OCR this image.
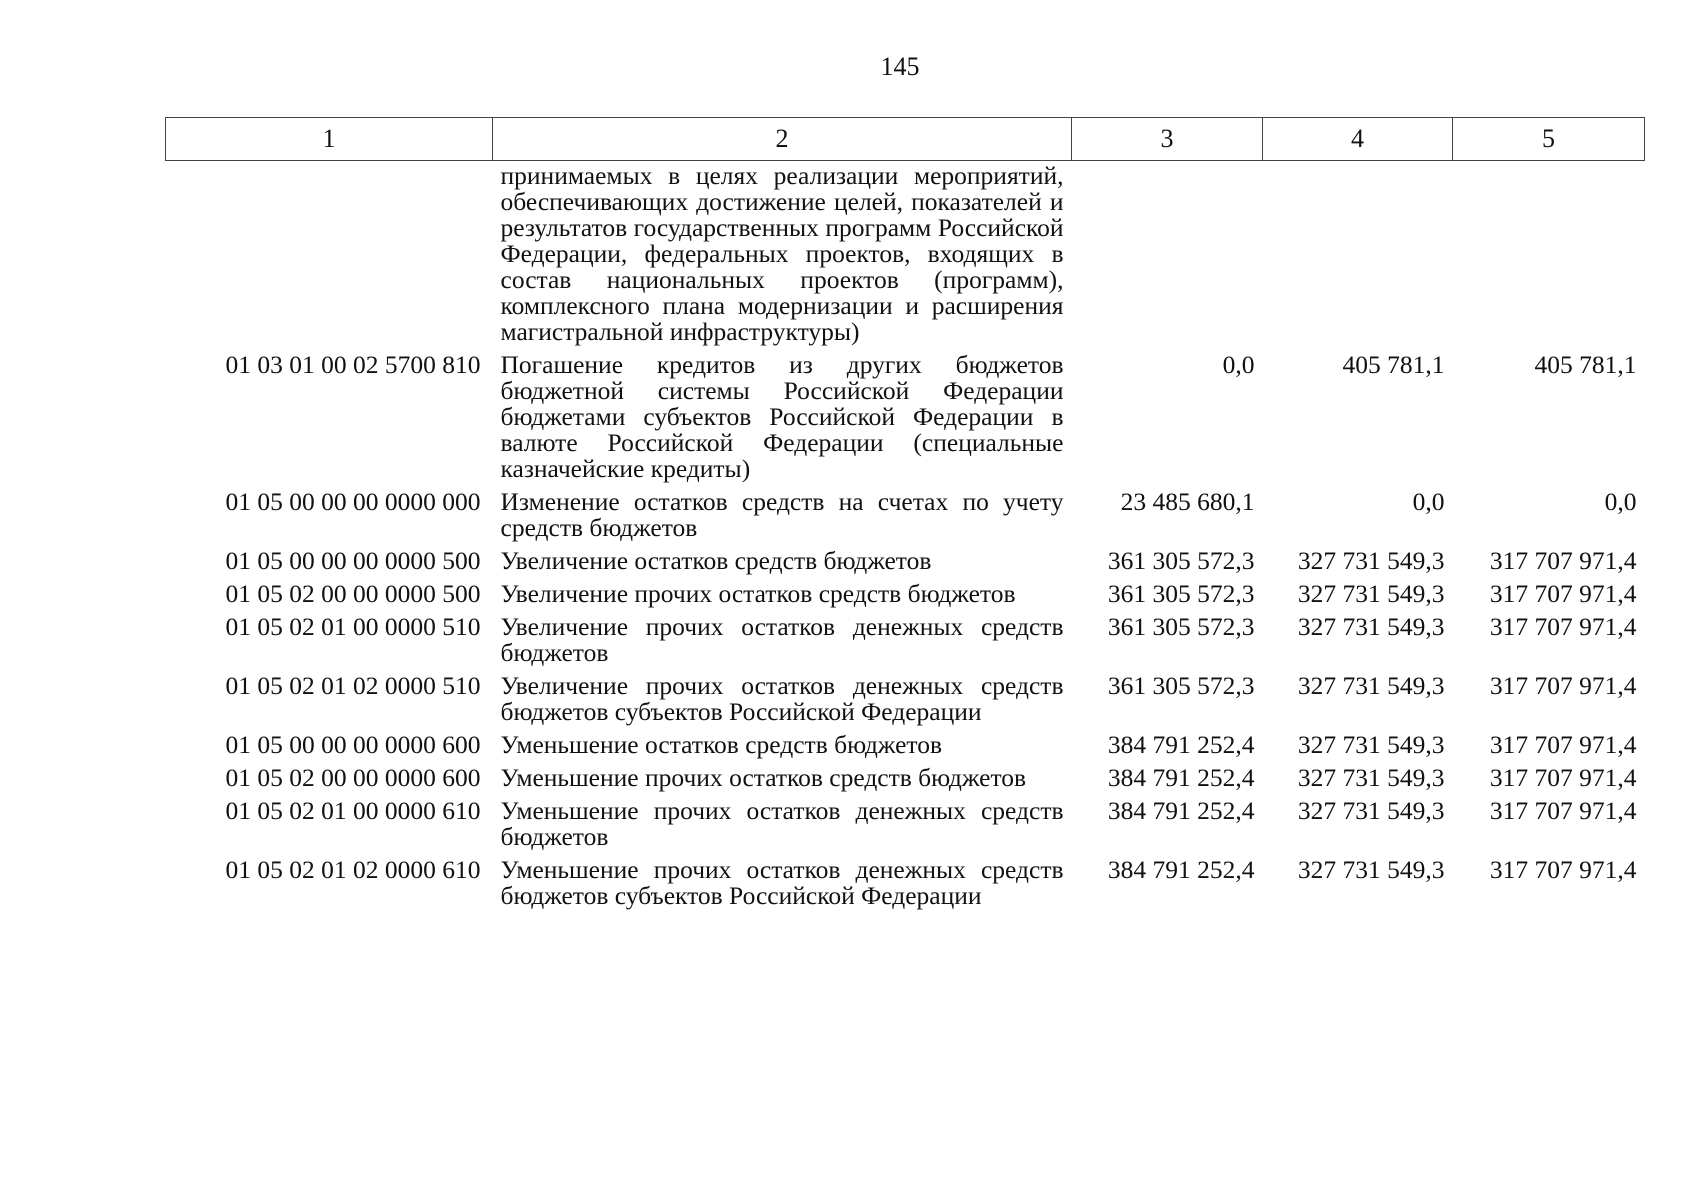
145
1	2	3	4	5
	принимаемых в целях реализации мероприятий, обеспечивающих достижение целей, показателей и результатов государственных программ Российской Федерации, федеральных проектов, входящих в состав национальных проектов (программ), комплексного плана модернизации и расширения магистральной инфраструктуры)			
01 03 01 00 02 5700 810	Погашение кредитов из других бюджетов бюджетной системы Российской Федерации бюджетами субъектов Российской Федерации в валюте Российской Федерации (специальные казначейские кредиты)	0,0	405 781,1	405 781,1
01 05 00 00 00 0000 000	Изменение остатков средств на счетах по учету средств бюджетов	23 485 680,1	0,0	0,0
01 05 00 00 00 0000 500	Увеличение остатков средств бюджетов	361 305 572,3	327 731 549,3	317 707 971,4
01 05 02 00 00 0000 500	Увеличение прочих остатков средств бюджетов	361 305 572,3	327 731 549,3	317 707 971,4
01 05 02 01 00 0000 510	Увеличение прочих остатков денежных средств бюджетов	361 305 572,3	327 731 549,3	317 707 971,4
01 05 02 01 02 0000 510	Увеличение прочих остатков денежных средств бюджетов субъектов Российской Федерации	361 305 572,3	327 731 549,3	317 707 971,4
01 05 00 00 00 0000 600	Уменьшение остатков средств бюджетов	384 791 252,4	327 731 549,3	317 707 971,4
01 05 02 00 00 0000 600	Уменьшение прочих остатков средств бюджетов	384 791 252,4	327 731 549,3	317 707 971,4
01 05 02 01 00 0000 610	Уменьшение прочих остатков денежных средств бюджетов	384 791 252,4	327 731 549,3	317 707 971,4
01 05 02 01 02 0000 610	Уменьшение прочих остатков денежных средств бюджетов субъектов Российской Федерации	384 791 252,4	327 731 549,3	317 707 971,4
